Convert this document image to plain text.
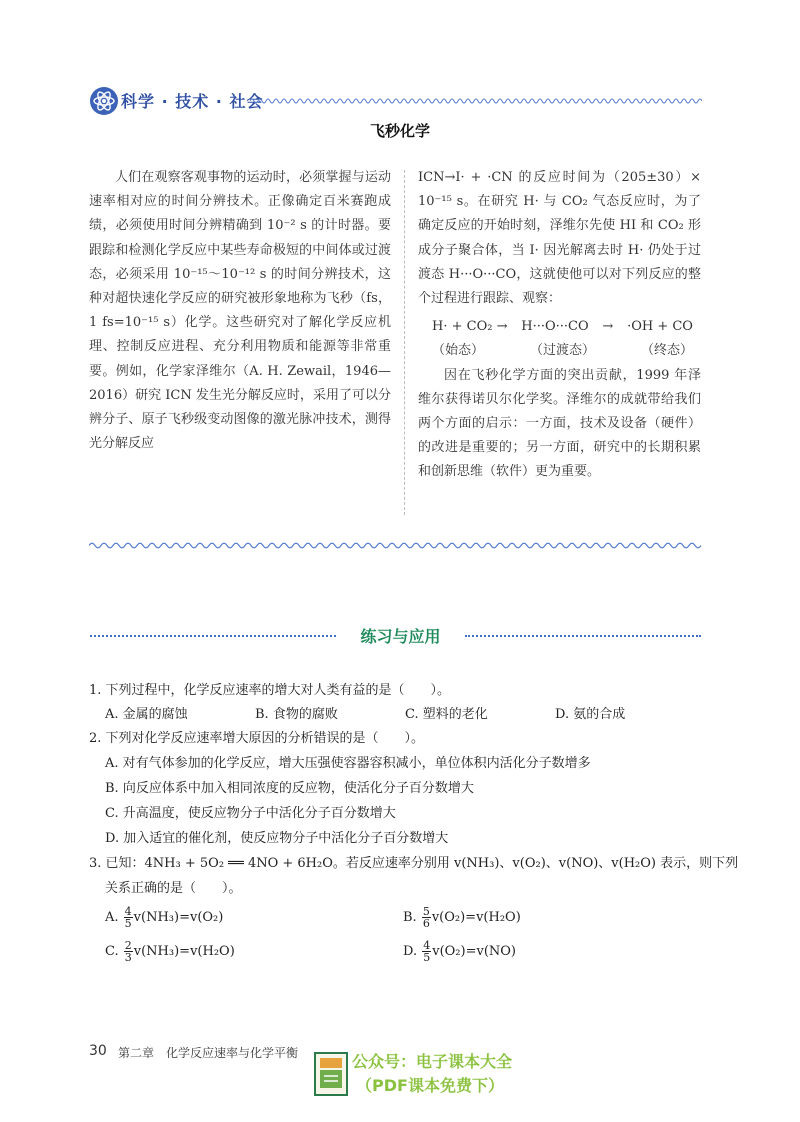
科学 · 技术 · 社会
飞秒化学

人们在观察客观事物的运动时，必须掌握与运动速率相对应的时间分辨技术。正像确定百米赛跑成绩，必须使用时间分辨精确到 10⁻² s 的计时器。要跟踪和检测化学反应中某些寿命极短的中间体或过渡态，必须采用 10⁻¹⁵～10⁻¹² s 的时间分辨技术，这种对超快速化学反应的研究被形象地称为飞秒（fs，1 fs=10⁻¹⁵ s）化学。这些研究对了解化学反应机理、控制反应进程、充分利用物质和能源等非常重要。例如，化学家泽维尔（A. H. Zewail，1946—2016）研究 ICN 发生光分解反应时，采用了可以分辨分子、原子飞秒级变动图像的激光脉冲技术，测得光分解反应

ICN→I· + ·CN 的反应时间为（205±30）× 10⁻¹⁵ s。在研究 H· 与 CO₂ 气态反应时，为了确定反应的开始时刻，泽维尔先使 HI 和 CO₂ 形成分子聚合体，当 I· 因光解离去时 H· 仍处于过渡态 H···O···CO，这就使他可以对下列反应的整个过程进行跟踪、观察：

H· + CO₂ → H···O···CO → ·OH + CO
（始态）	（过渡态）	（终态）

因在飞秒化学方面的突出贡献，1999 年泽维尔获得诺贝尔化学奖。泽维尔的成就带给我们两个方面的启示：一方面，技术及设备（硬件）的改进是重要的；另一方面，研究中的长期积累和创新思维（软件）更为重要。

练习与应用
1. 下列过程中，化学反应速率的增大对人类有益的是（　　）。
A. 金属的腐蚀	B. 食物的腐败	C. 塑料的老化	D. 氨的合成
2. 下列对化学反应速率增大原因的分析错误的是（　　）。
A. 对有气体参加的化学反应，增大压强使容器容积减小，单位体积内活化分子数增多
B. 向反应体系中加入相同浓度的反应物，使活化分子百分数增大
C. 升高温度，使反应物分子中活化分子百分数增大
D. 加入适宜的催化剂，使反应物分子中活化分子百分数增大
3. 已知：4NH₃ + 5O₂ ══ 4NO + 6H₂O。若反应速率分别用 v(NH₃)、v(O₂)、v(NO)、v(H₂O) 表示，则下列
关系正确的是（　　）。
A. $\frac{4}{5} v(NH_3)=v(O_2)$	B. $\frac{5}{6} v(O_2)=v(H_2O)$
C. $\frac{2}{3} v(NH_3)=v(H_2O)$	D. $\frac{4}{5} v(O_2)=v(NO)$
30 第二章　化学反应速率与化学平衡	公众号：电子课本大全
（PDF课本免费下）
